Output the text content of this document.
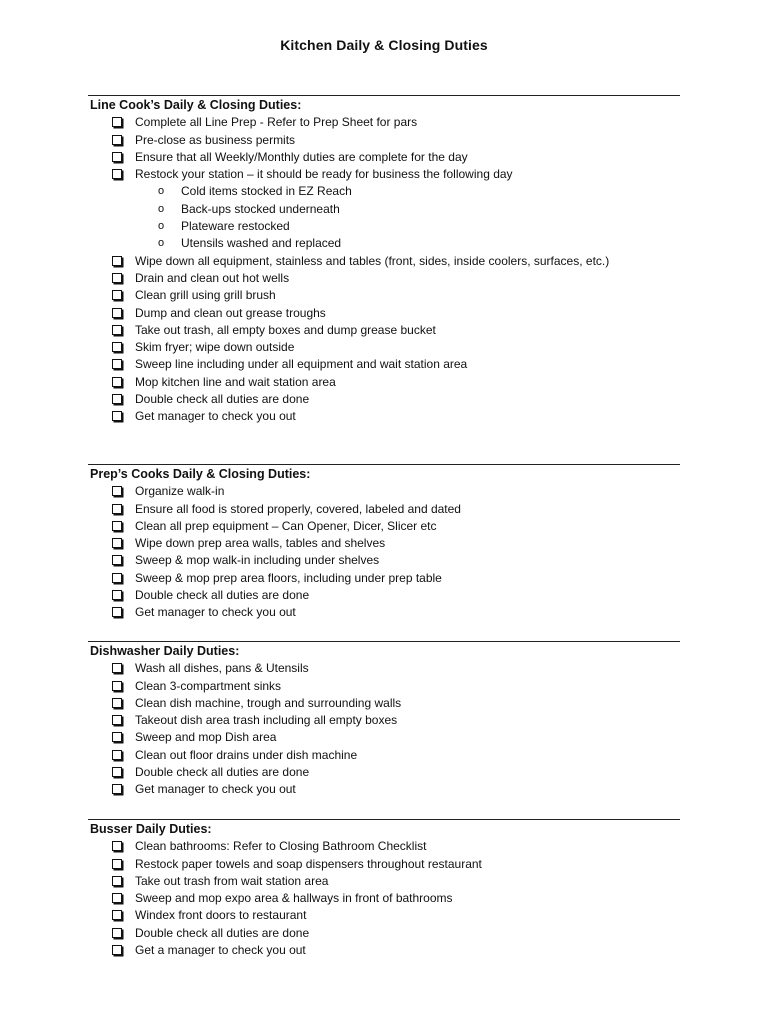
Kitchen Daily & Closing Duties
Line Cook’s Daily & Closing Duties:
Complete all Line Prep - Refer to Prep Sheet for pars
Pre-close as business permits
Ensure that all Weekly/Monthly duties are complete for the day
Restock your station – it should be ready for business the following day
o Cold items stocked in EZ Reach
o Back-ups stocked underneath
o Plateware restocked
o Utensils washed and replaced
Wipe down all equipment, stainless and tables (front, sides, inside coolers, surfaces, etc.)
Drain and clean out hot wells
Clean grill using grill brush
Dump and clean out grease troughs
Take out trash, all empty boxes and dump grease bucket
Skim fryer; wipe down outside
Sweep line including under all equipment and wait station area
Mop kitchen line and wait station area
Double check all duties are done
Get manager to check you out
Prep’s Cooks Daily & Closing Duties:
Organize walk-in
Ensure all food is stored properly, covered, labeled and dated
Clean all prep equipment – Can Opener, Dicer, Slicer etc
Wipe down prep area walls, tables and shelves
Sweep & mop walk-in including under shelves
Sweep & mop prep area floors, including under prep table
Double check all duties are done
Get manager to check you out
Dishwasher Daily Duties:
Wash all dishes, pans & Utensils
Clean 3-compartment sinks
Clean dish machine, trough and surrounding walls
Takeout dish area trash including all empty boxes
Sweep and mop Dish area
Clean out floor drains under dish machine
Double check all duties are done
Get manager to check you out
Busser Daily Duties:
Clean bathrooms: Refer to Closing Bathroom Checklist
Restock paper towels and soap dispensers throughout restaurant
Take out trash from wait station area
Sweep and mop expo area & hallways in front of bathrooms
Windex front doors to restaurant
Double check all duties are done
Get a manager to check you out
